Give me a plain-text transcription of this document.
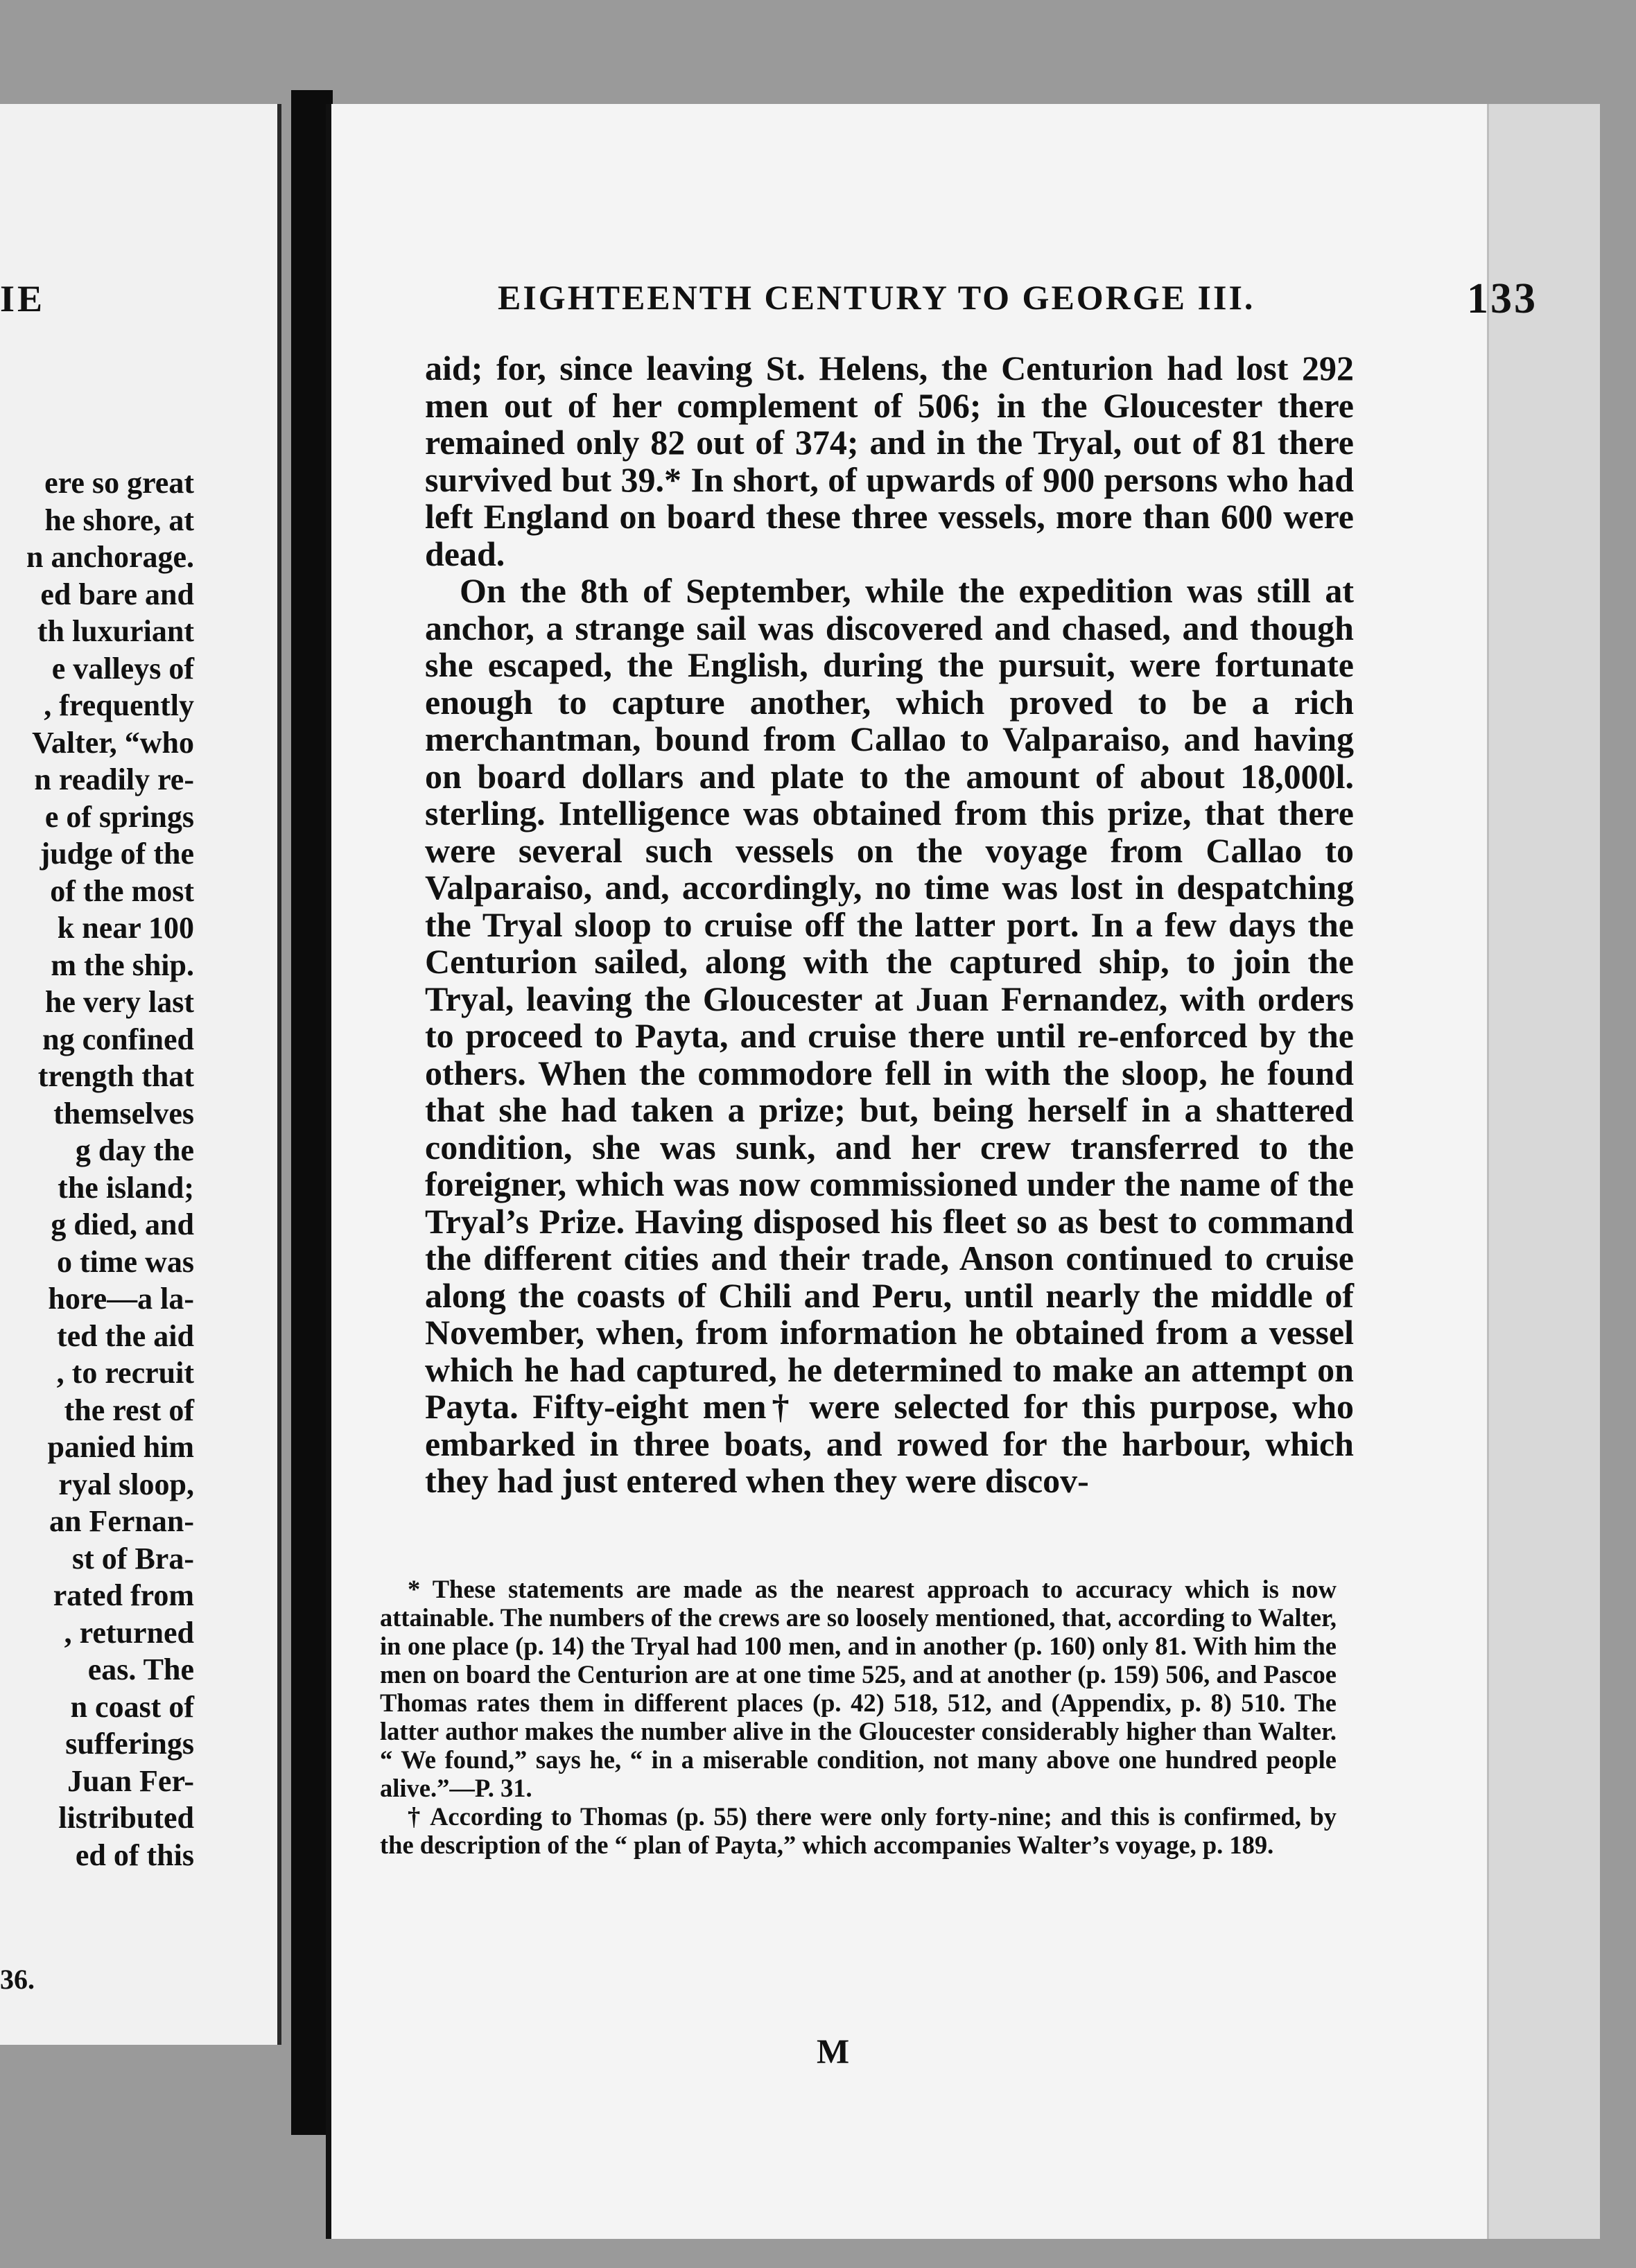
IE
ere so great
he shore, at
n anchorage.
ed bare and
th luxuriant
e valleys of
, frequently
Valter, “who
n readily re-
e of springs
judge of the
of the most
k near 100
m the ship.
he very last
ng confined
trength that
themselves
g day the
the island;
g died, and
o time was
hore—a la-
ted the aid
, to recruit
the rest of
panied him
ryal sloop,
an Fernan-
st of Bra-
rated from
, returned
eas. The
n coast of
sufferings
Juan Fer-
listributed
ed of this
36.
EIGHTEENTH CENTURY TO GEORGE III.	133

aid; for, since leaving St. Helens, the Centurion had lost 292 men out of her complement of 506; in the Gloucester there remained only 82 out of 374; and in the Tryal, out of 81 there survived but 39.* In short, of upwards of 900 persons who had left England on board these three vessels, more than 600 were dead.

On the 8th of September, while the expedition was still at anchor, a strange sail was discovered and chased, and though she escaped, the English, during the pursuit, were fortunate enough to capture another, which proved to be a rich merchantman, bound from Callao to Valparaiso, and having on board dollars and plate to the amount of about 18,000l. sterling. Intelligence was obtained from this prize, that there were several such vessels on the voyage from Callao to Valparaiso, and, accordingly, no time was lost in despatching the Tryal sloop to cruise off the latter port. In a few days the Centurion sailed, along with the captured ship, to join the Tryal, leaving the Gloucester at Juan Fernandez, with orders to proceed to Payta, and cruise there until re-enforced by the others. When the commodore fell in with the sloop, he found that she had taken a prize; but, being herself in a shattered condition, she was sunk, and her crew transferred to the foreigner, which was now commissioned under the name of the Tryal’s Prize. Having disposed his fleet so as best to command the different cities and their trade, Anson continued to cruise along the coasts of Chili and Peru, until nearly the middle of November, when, from information he obtained from a vessel which he had captured, he determined to make an attempt on Payta. Fifty-eight men† were selected for this purpose, who embarked in three boats, and rowed for the harbour, which they had just entered when they were discov-

* These statements are made as the nearest approach to accuracy which is now attainable. The numbers of the crews are so loosely mentioned, that, according to Walter, in one place (p. 14) the Tryal had 100 men, and in another (p. 160) only 81. With him the men on board the Centurion are at one time 525, and at another (p. 159) 506, and Pascoe Thomas rates them in different places (p. 42) 518, 512, and (Appendix, p. 8) 510. The latter author makes the number alive in the Gloucester considerably higher than Walter. “ We found,” says he, “ in a miserable condition, not many above one hundred people alive.”—P. 31.

† According to Thomas (p. 55) there were only forty-nine; and this is confirmed, by the description of the “ plan of Payta,” which accompanies Walter’s voyage, p. 189.

M
